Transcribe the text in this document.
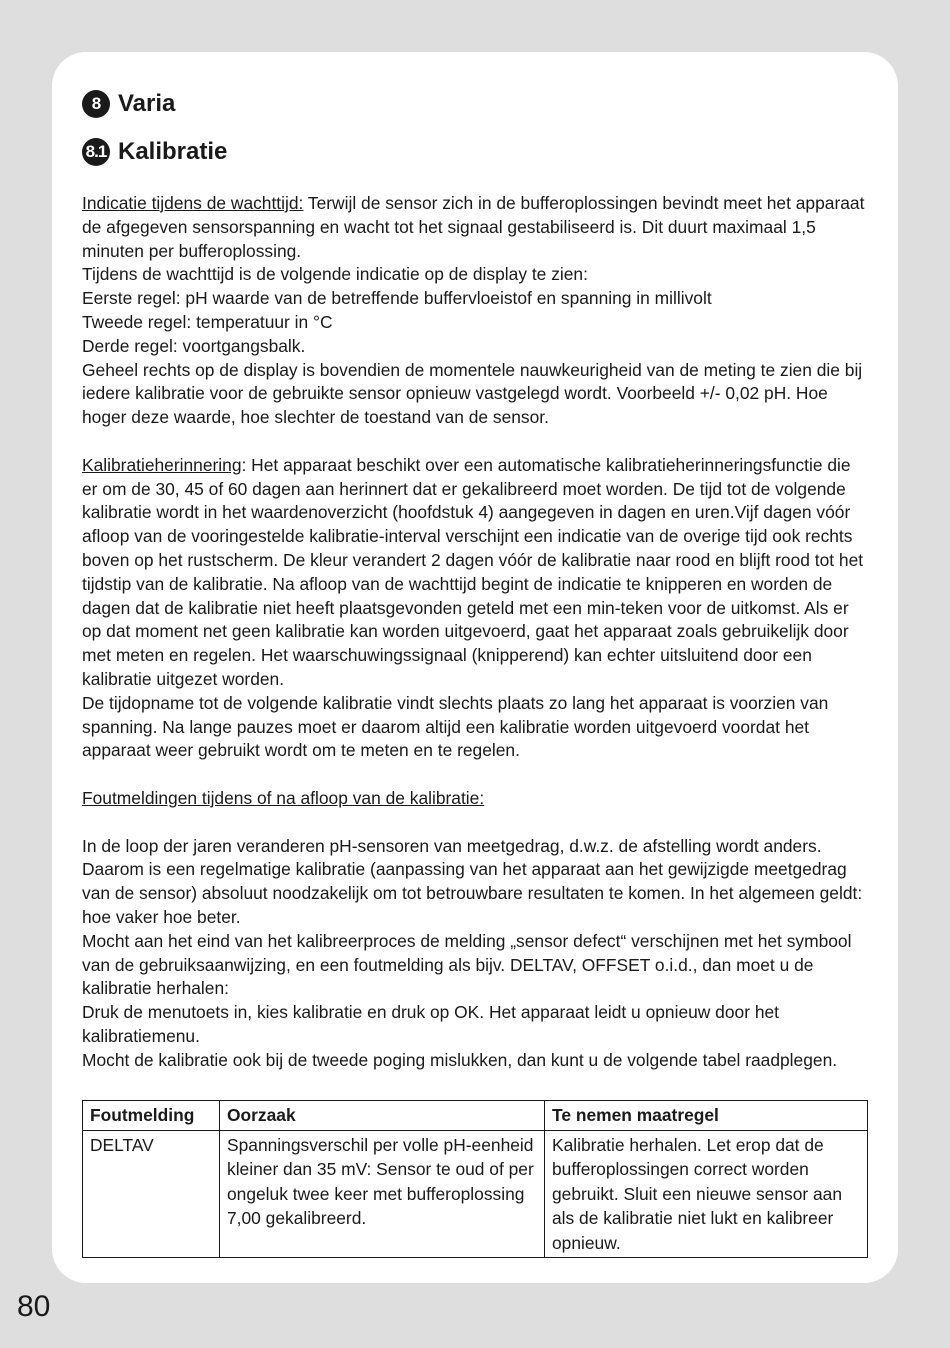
8 Varia
8.1 Kalibratie

Indicatie tijdens de wachttijd: Terwijl de sensor zich in de bufferoplossingen bevindt meet het apparaat de afgegeven sensorspanning en wacht tot het signaal gestabiliseerd is. Dit duurt maximaal 1,5 minuten per bufferoplossing.

Tijdens de wachttijd is de volgende indicatie op de display te zien:

Eerste regel: pH waarde van de betreffende buffervloeistof en spanning in millivolt

Tweede regel: temperatuur in °C

Derde regel: voortgangsbalk.

Geheel rechts op de display is bovendien de momentele nauwkeurigheid van de meting te zien die bij iedere kalibratie voor de gebruikte sensor opnieuw vastgelegd wordt. Voorbeeld +/- 0,02 pH. Hoe hoger deze waarde, hoe slechter de toestand van de sensor.

Kalibratieherinnering: Het apparaat beschikt over een automatische kalibratieherinneringsfunctie die er om de 30, 45 of 60 dagen aan herinnert dat er gekalibreerd moet worden. De tijd tot de volgende kalibratie wordt in het waardenoverzicht (hoofdstuk 4) aangegeven in dagen en uren.Vijf dagen vóór afloop van de vooringestelde kalibratie-interval verschijnt een indicatie van de overige tijd ook rechts boven op het rustscherm. De kleur verandert 2 dagen vóór de kalibratie naar rood en blijft rood tot het tijdstip van de kalibratie. Na afloop van de wachttijd begint de indicatie te knipperen en worden de dagen dat de kalibratie niet heeft plaatsgevonden geteld met een min-teken voor de uitkomst. Als er op dat moment net geen kalibratie kan worden uitgevoerd, gaat het apparaat zoals gebruikelijk door met meten en regelen. Het waarschuwingssignaal (knipperend) kan echter uitsluitend door een kalibratie uitgezet worden.

De tijdopname tot de volgende kalibratie vindt slechts plaats zo lang het apparaat is voorzien van spanning. Na lange pauzes moet er daarom altijd een kalibratie worden uitgevoerd voordat het apparaat weer gebruikt wordt om te meten en te regelen.

Foutmeldingen tijdens of na afloop van de kalibratie:

In de loop der jaren veranderen pH-sensoren van meetgedrag, d.w.z. de afstelling wordt anders. Daarom is een regelmatige kalibratie (aanpassing van het apparaat aan het gewijzigde meetgedrag van de sensor) absoluut noodzakelijk om tot betrouwbare resultaten te komen. In het algemeen geldt: hoe vaker hoe beter.

Mocht aan het eind van het kalibreerproces de melding „sensor defect“ verschijnen met het symbool van de gebruiksaanwijzing, en een foutmelding als bijv. DELTAV, OFFSET o.i.d., dan moet u de kalibratie herhalen:

Druk de menutoets in, kies kalibratie en druk op OK. Het apparaat leidt u opnieuw door het kalibratiemenu.

Mocht de kalibratie ook bij de tweede poging mislukken, dan kunt u de volgende tabel raadplegen.

Foutmelding	Oorzaak	Te nemen maatregel
DELTAV	Spanningsverschil per volle pH-eenheid kleiner dan 35 mV: Sensor te oud of per ongeluk twee keer met bufferoplossing 7,00 gekalibreerd.	Kalibratie herhalen. Let erop dat de bufferoplossingen correct worden gebruikt. Sluit een nieuwe sensor aan als de kalibratie niet lukt en kalibreer opnieuw.
80
